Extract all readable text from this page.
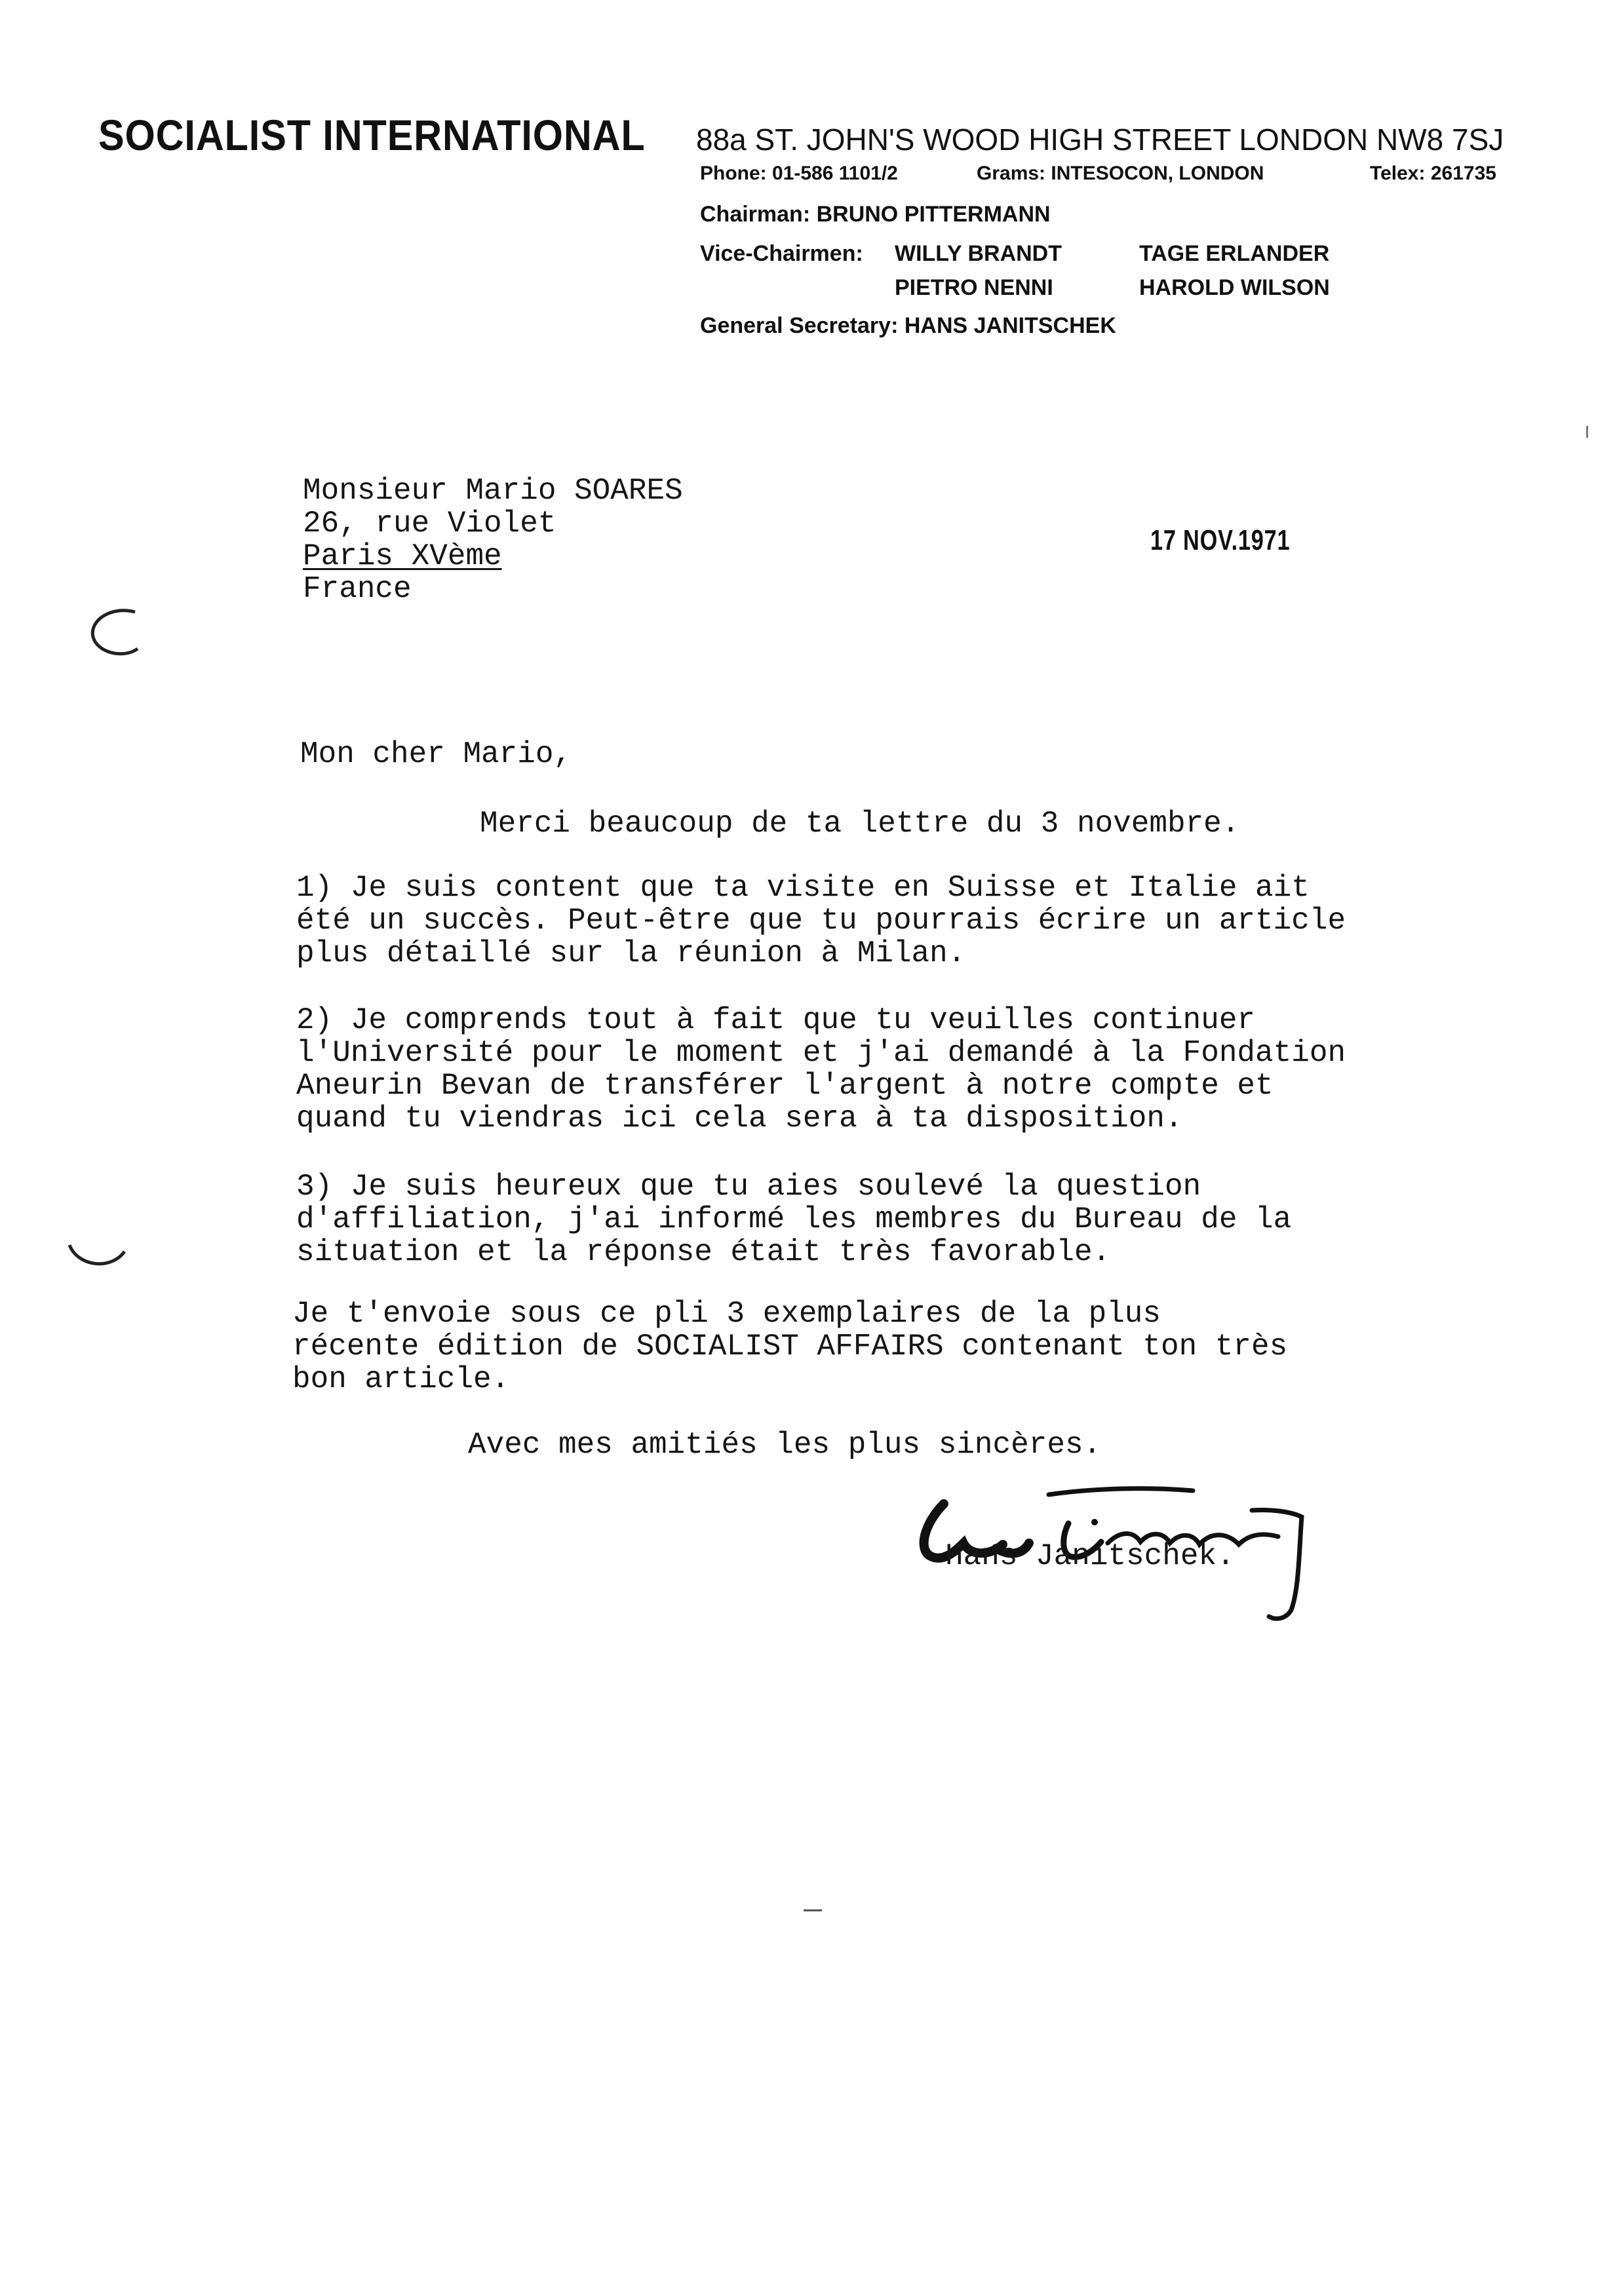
SOCIALIST INTERNATIONAL 88a ST. JOHN'S WOOD HIGH STREET LONDON NW8 7SJ
Phone: 01-586 1101/2	Grams: INTESOCON, LONDON	Telex: 261735
Chairman: BRUNO PITTERMANN
Vice-Chairmen: WILLY BRANDT	TAGE ERLANDER
PIETRO NENNI	HAROLD WILSON
General Secretary: HANS JANITSCHEK
Monsieur Mario SOARES
26, rue Violet
Paris XVème
France
17 NOV.1971
Mon cher Mario,
Merci beaucoup de ta lettre du 3 novembre.

1) Je suis content que ta visite en Suisse et Italie ait

été un succès. Peut-être que tu pourrais écrire un article

plus détaillé sur la réunion à Milan.

2) Je comprends tout à fait que tu veuilles continuer

l'Université pour le moment et j'ai demandé à la Fondation

Aneurin Bevan de transférer l'argent à notre compte et

quand tu viendras ici cela sera à ta disposition.

3) Je suis heureux que tu aies soulevé la question

d'affiliation, j'ai informé les membres du Bureau de la

situation et la réponse était très favorable.

Je t'envoie sous ce pli 3 exemplaires de la plus

récente édition de SOCIALIST AFFAIRS contenant ton très

bon article.

Avec mes amitiés les plus sincères.
Hans Janitschek.
